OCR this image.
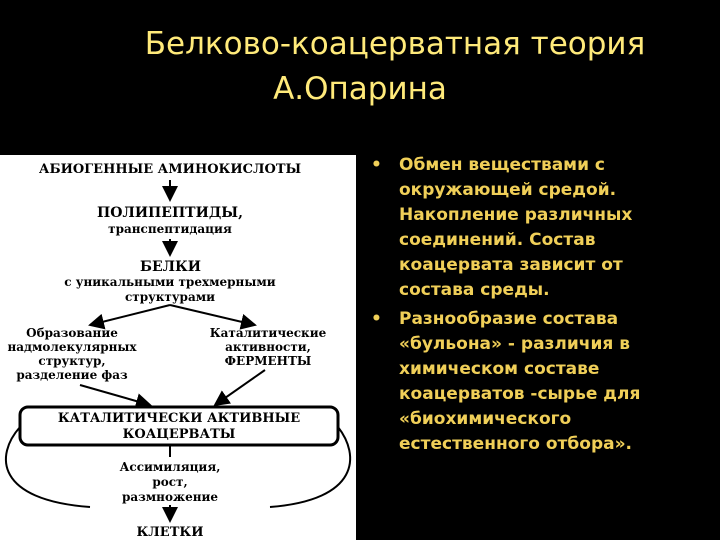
Белково-коацерватная теория
А.Опарина
АБИОГЕННЫЕ АМИНОКИСЛОТЫ
ПОЛИПЕПТИДЫ,
транспептидация
БЕЛКИ
с уникальными трехмерными
структурами
Образование
надмолекулярных
структур,
разделение фаз
Каталитические
активности,
ФЕРМЕНТЫ
КАТАЛИТИЧЕСКИ АКТИВНЫЕ
КОАЦЕРВАТЫ
Ассимиляция,
рост,
размножение
КЛЕТКИ
• Обмен веществами с
окружающей средой.
Накопление различных
соединений. Состав
коацервата зависит от
состава среды.
• Разнообразие состава
«бульона» - различия в
химическом составе
коацерватов -сырье для
«биохимического
естественного отбора».
